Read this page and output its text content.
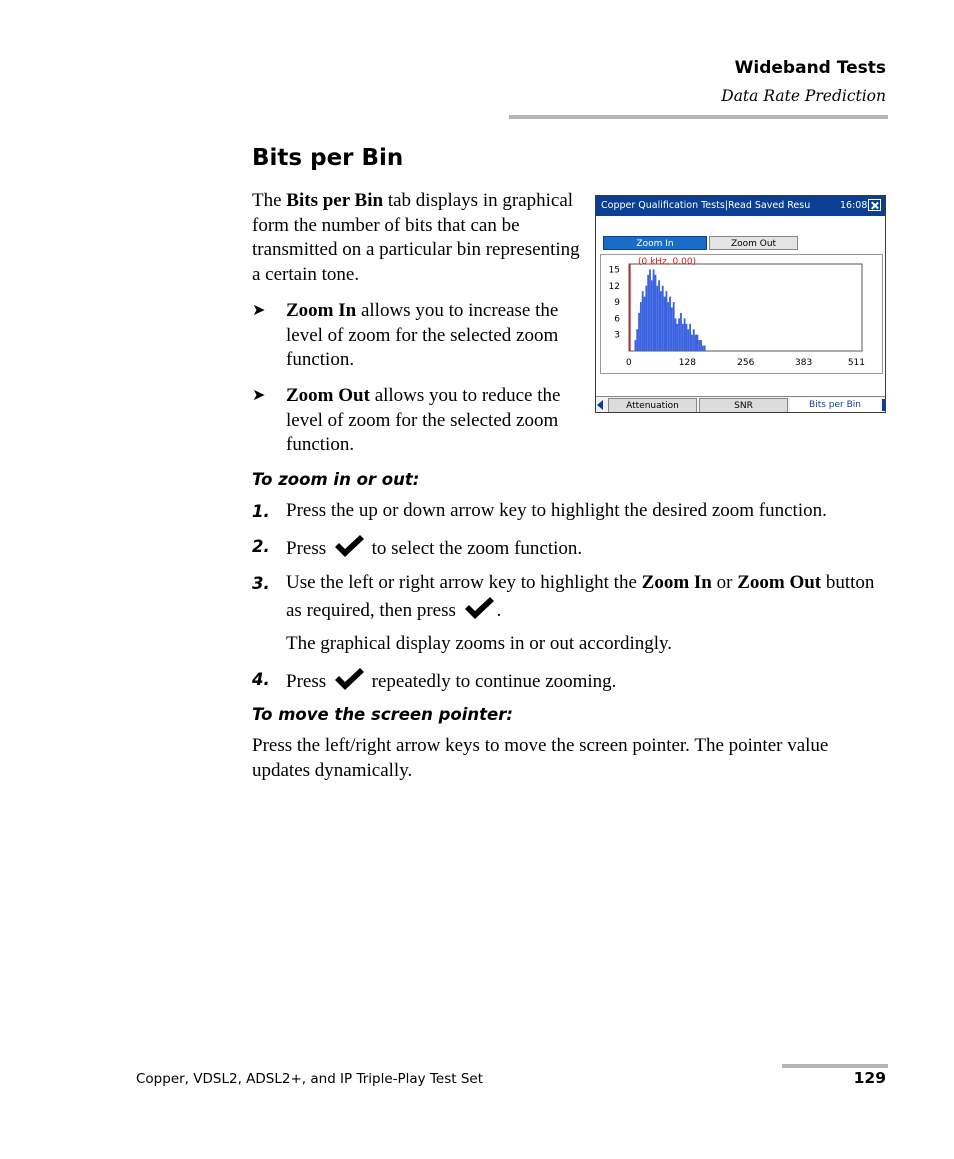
Wideband Tests
Data Rate Prediction
Bits per Bin
The Bits per Bin tab displays in graphical form the number of bits that can be transmitted on a particular bin representing a certain tone.
➤ Zoom In allows you to increase the level of zoom for the selected zoom function.
➤ Zoom Out allows you to reduce the level of zoom for the selected zoom function.
Copper Qualification Tests|Read Saved Resu	16:08
Zoom In	Zoom Out
15
12
9
6
3
0	128	256	383	511
(0 kHz, 0.00)
Attenuation	SNR	Bits per Bin
To zoom in or out:
1. Press the up or down arrow key to highlight the desired zoom function.
2. Press  to select the zoom function.
3. Use the left or right arrow key to highlight the Zoom In or Zoom Out button as required, then press .
The graphical display zooms in or out accordingly.
4. Press  repeatedly to continue zooming.
To move the screen pointer:
Press the left/right arrow keys to move the screen pointer. The pointer value updates dynamically.
Copper, VDSL2, ADSL2+, and IP Triple-Play Test Set	129
